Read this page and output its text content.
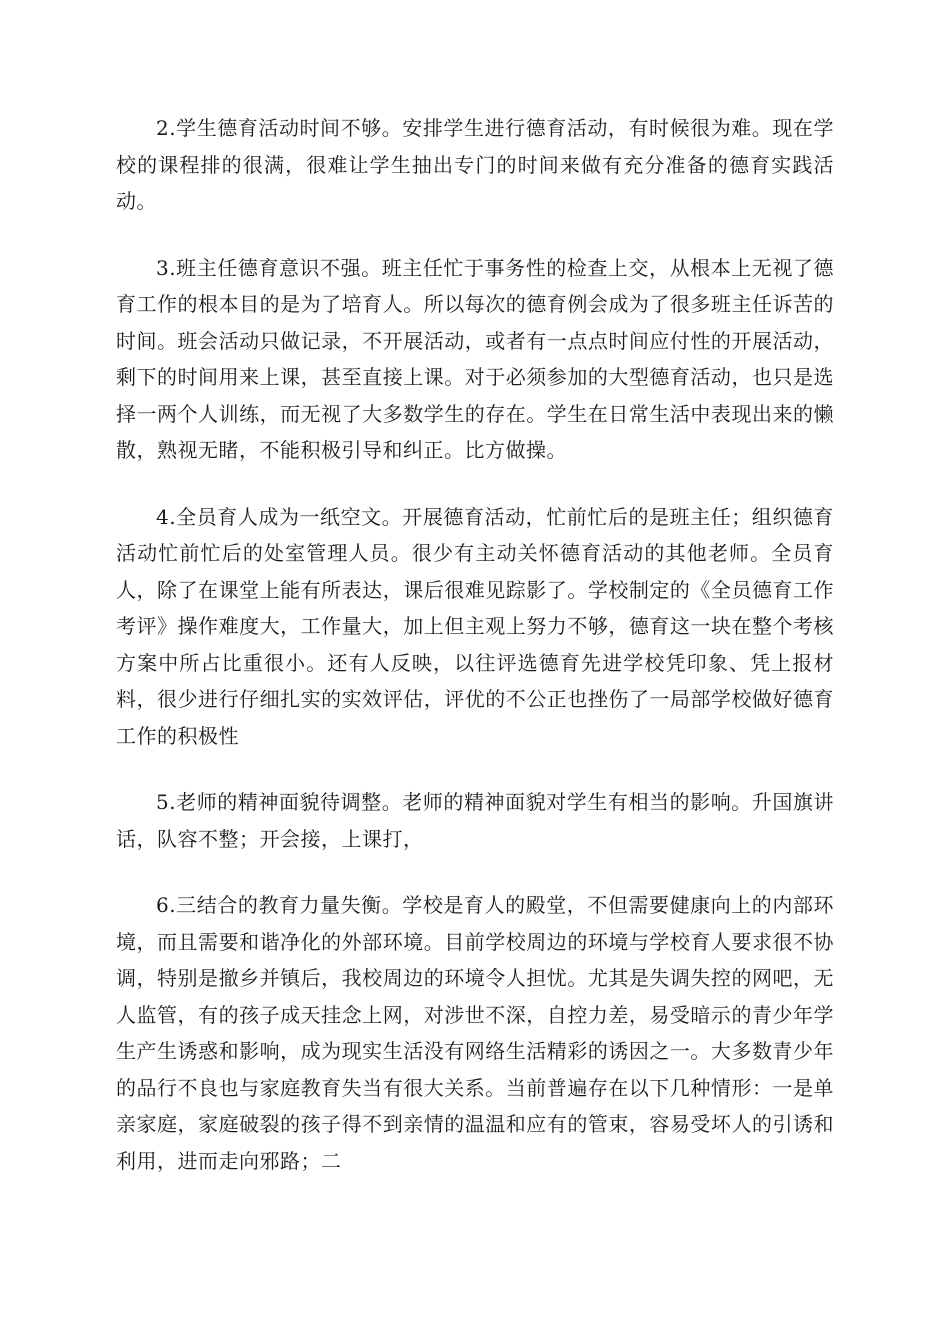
2.学生德育活动时间不够。安排学生进行德育活动，有时候很为难。现在学校的课程排的很满，很难让学生抽出专门的时间来做有充分准备的德育实践活动。

3.班主任德育意识不强。班主任忙于事务性的检查上交，从根本上无视了德育工作的根本目的是为了培育人。所以每次的德育例会成为了很多班主任诉苦的时间。班会活动只做记录，不开展活动，或者有一点点时间应付性的开展活动，剩下的时间用来上课，甚至直接上课。对于必须参加的大型德育活动，也只是选择一两个人训练，而无视了大多数学生的存在。学生在日常生活中表现出来的懒散，熟视无睹，不能积极引导和纠正。比方做操。

4.全员育人成为一纸空文。开展德育活动，忙前忙后的是班主任；组织德育活动忙前忙后的处室管理人员。很少有主动关怀德育活动的其他老师。全员育人，除了在课堂上能有所表达，课后很难见踪影了。学校制定的《全员德育工作考评》操作难度大，工作量大，加上但主观上努力不够，德育这一块在整个考核方案中所占比重很小。还有人反映，以往评选德育先进学校凭印象、凭上报材料，很少进行仔细扎实的实效评估，评优的不公正也挫伤了一局部学校做好德育工作的积极性

5.老师的精神面貌待调整。老师的精神面貌对学生有相当的影响。升国旗讲话，队容不整；开会接，上课打，

6.三结合的教育力量失衡。学校是育人的殿堂，不但需要健康向上的内部环境，而且需要和谐净化的外部环境。目前学校周边的环境与学校育人要求很不协调，特别是撤乡并镇后，我校周边的环境令人担忧。尤其是失调失控的网吧，无人监管，有的孩子成天挂念上网，对涉世不深，自控力差，易受暗示的青少年学生产生诱惑和影响，成为现实生活没有网络生活精彩的诱因之一。大多数青少年的品行不良也与家庭教育失当有很大关系。当前普遍存在以下几种情形：一是单亲家庭，家庭破裂的孩子得不到亲情的温温和应有的管束，容易受坏人的引诱和利用，进而走向邪路；二
